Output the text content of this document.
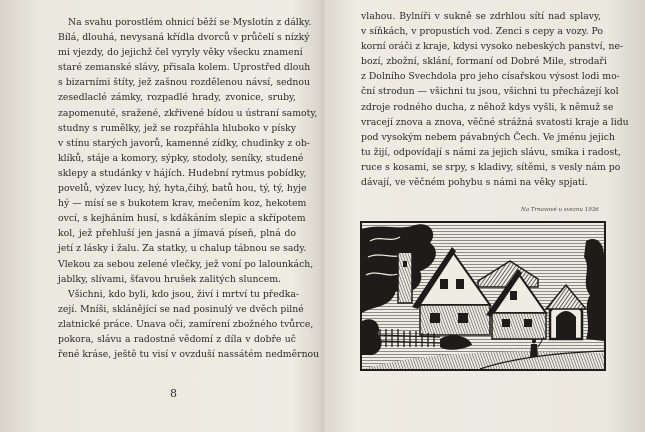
Na svahu porostlém ohnicí běží se Myslotín z dálky.
Bílá, dlouhá, nevysaná křídla dvorců v průčelí s nízký
mi vjezdy, do jejichž čel vyryly věky všecku znamení
staré zemanské slávy, přisala kolem. Uprostřed dlouh
s bizarními štíty, jež zašnou rozdělenou návsí, sednou
zesedlaclé zámky, rozpadlé hrady, zvonice, sruby,
zapomenuté, sražené, zkřivené bídou u ústraní samoty,
studny s rumělky, jež se rozpřáhla hluboko v písky
v stínu starých javorů, kamenné zídky, chudinky z ob-
klíků, stáje a komory, sýpky, stodoly, seníky, studené
sklepy a studánky v hájích. Hudební rytmus pobídky,
povelů, výzev lucy, hý, hyta,čihý, batů hou, tý, tý, hyje
hý — mísí se s bukotem krav, mečením koz, hekotem
ovcí, s kejháním husí, s kdákáním slepic a skřípotem
kol, jež přehluší jen jasná a jímavá píseň, plná do
jetí z lásky i žalu. Za statky, u chalup tábnou se sady.
Vlekou za sebou zelené vlečky, jež voní po lalounkách,
jablky, slívami, šťavou hrušek zalitých sluncem.
Všichni, kdo byli, kdo jsou, živí i mrtví tu předka-
zejí. Mníši, sklánějící se nad posinulý ve dvěch pilné
zlatnické práce. Unava oči, zamírení zbožného tvůrce,
pokora, slávu a radostné vědomí z díla v dobře uč
řené kráse, ještě tu visí v ovzduší nassátém nedměrnou
8
vlahou. Bylníři v sukně se zdrhlou sítí nad splavy,
v síňkách, v propustích vod. Zenci s cepy a vozy. Po
korní oráči z kraje, kdysi vysoko nebeských panství, ne-
bozí, zbožní, sklání, formaní od Dobré Mile, strodaři
z Dolního Svechdola pro jeho císařskou výsost lodi mo-
ční strodun — všichni tu jsou, všichni tu přecházejí kol
zdroje rodného ducha, z něhož kdys vyšli, k němuž se
vracejí znova a znova, věčné strážná svatosti kraje a lidu
pod vysokým nebem pávabných Čech. Ve jménu jejich
tu žijí, odpovídají s námi za jejich slávu, smíka i radost,
ruce s kosami, se srpy, s kladivy, sítěmi, s vesly nám po
dávají, ve věčném pohybu s námi na věky spjatí.
Na Trnavové u sveznu 1936
